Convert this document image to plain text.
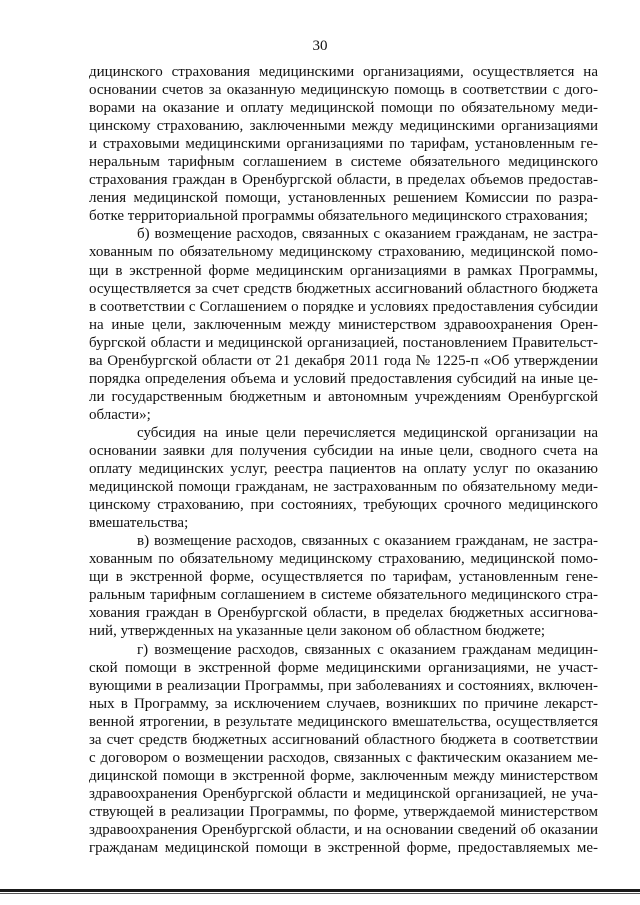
30
дицинского страхования медицинскими организациями, осуществляется на
основании счетов за оказанную медицинскую помощь в соответствии с дого-
ворами на оказание и оплату медицинской помощи по обязательному меди-
цинскому страхованию, заключенными между медицинскими организациями
и страховыми медицинскими организациями по тарифам, установленным ге-
неральным тарифным соглашением в системе обязательного медицинского
страхования граждан в Оренбургской области, в пределах объемов предостав-
ления медицинской помощи, установленных решением Комиссии по разра-
ботке территориальной программы обязательного медицинского страхования;
б) возмещение расходов, связанных с оказанием гражданам, не застра-
хованным по обязательному медицинскому страхованию, медицинской помо-
щи в экстренной форме медицинским организациями в рамках Программы,
осуществляется за счет средств бюджетных ассигнований областного бюджета
в соответствии с Соглашением о порядке и условиях предоставления субсидии
на иные цели, заключенным между министерством здравоохранения Орен-
бургской области и медицинской организацией, постановлением Правительст-
ва Оренбургской области от 21 декабря 2011 года № 1225-п «Об утверждении
порядка определения объема и условий предоставления субсидий на иные це-
ли государственным бюджетным и автономным учреждениям Оренбургской
области»;
субсидия на иные цели перечисляется медицинской организации на
основании заявки для получения субсидии на иные цели, сводного счета на
оплату медицинских услуг, реестра пациентов на оплату услуг по оказанию
медицинской помощи гражданам, не застрахованным по обязательному меди-
цинскому страхованию, при состояниях, требующих срочного медицинского
вмешательства;
в) возмещение расходов, связанных с оказанием гражданам, не застра-
хованным по обязательному медицинскому страхованию, медицинской помо-
щи в экстренной форме, осуществляется по тарифам, установленным гене-
ральным тарифным соглашением в системе обязательного медицинского стра-
хования граждан в Оренбургской области, в пределах бюджетных ассигнова-
ний, утвержденных на указанные цели законом об областном бюджете;
г) возмещение расходов, связанных с оказанием гражданам медицин-
ской помощи в экстренной форме медицинскими организациями, не участ-
вующими в реализации Программы, при заболеваниях и состояниях, включен-
ных в Программу, за исключением случаев, возникших по причине лекарст-
венной ятрогении, в результате медицинского вмешательства, осуществляется
за счет средств бюджетных ассигнований областного бюджета в соответствии
с договором о возмещении расходов, связанных с фактическим оказанием ме-
дицинской помощи в экстренной форме, заключенным между министерством
здравоохранения Оренбургской области и медицинской организацией, не уча-
ствующей в реализации Программы, по форме, утверждаемой министерством
здравоохранения Оренбургской области, и на основании сведений об оказании
гражданам медицинской помощи в экстренной форме, предоставляемых ме-
